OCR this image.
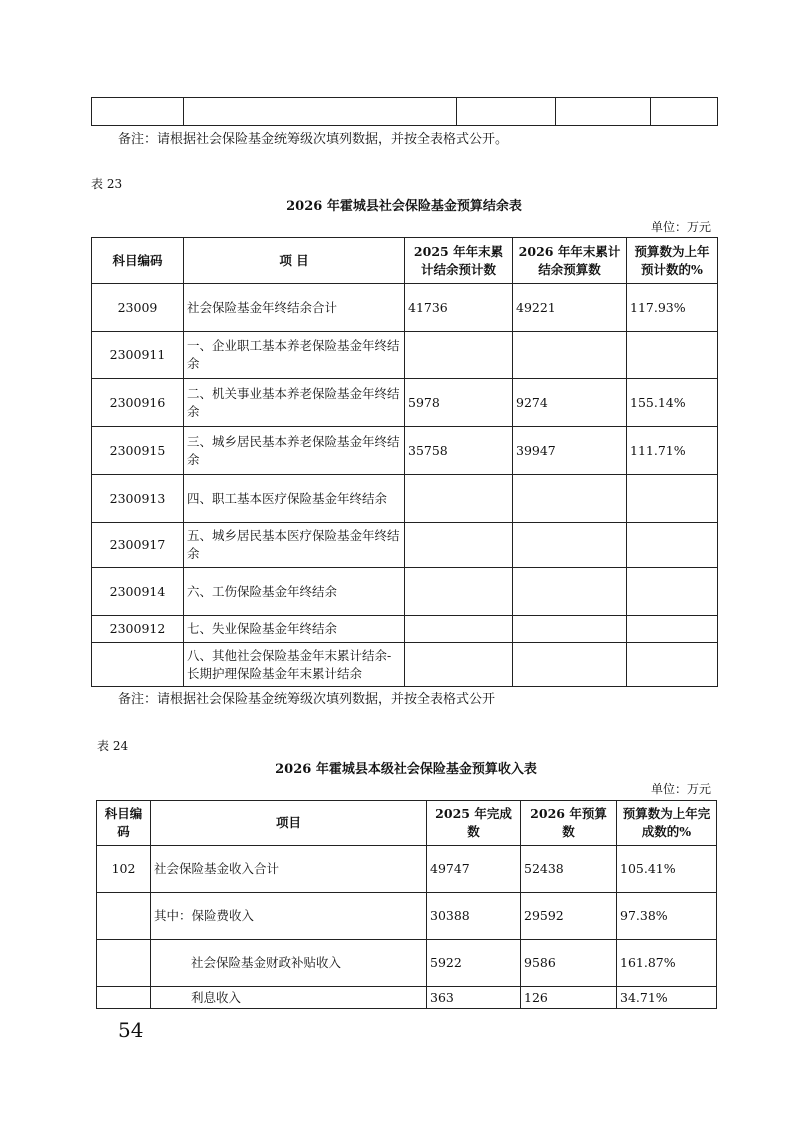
备注：请根据社会保险基金统筹级次填列数据，并按全表格式公开。
表 23
2026 年霍城县社会保险基金预算结余表
单位：万元
科目编码	项 目	2025 年年末累计结余预计数	2026 年年末累计结余预算数	预算数为上年预计数的%
23009	社会保险基金年终结余合计	41736	49221	117.93%
2300911	一、企业职工基本养老保险基金年终结余			
2300916	二、机关事业基本养老保险基金年终结余	5978	9274	155.14%
2300915	三、城乡居民基本养老保险基金年终结余	35758	39947	111.71%
2300913	四、职工基本医疗保险基金年终结余			
2300917	五、城乡居民基本医疗保险基金年终结余			
2300914	六、工伤保险基金年终结余			
2300912	七、失业保险基金年终结余			
	八、其他社会保险基金年末累计结余-长期护理保险基金年末累计结余			
备注：请根据社会保险基金统筹级次填列数据，并按全表格式公开
表 24
2026 年霍城县本级社会保险基金预算收入表
单位：万元
科目编码	项目	2025 年完成数	2026 年预算数	预算数为上年完成数的%
102	社会保险基金收入合计	49747	52438	105.41%
	其中：保险费收入	30388	29592	97.38%
	社会保险基金财政补贴收入	5922	9586	161.87%
	利息收入	363	126	34.71%
54
